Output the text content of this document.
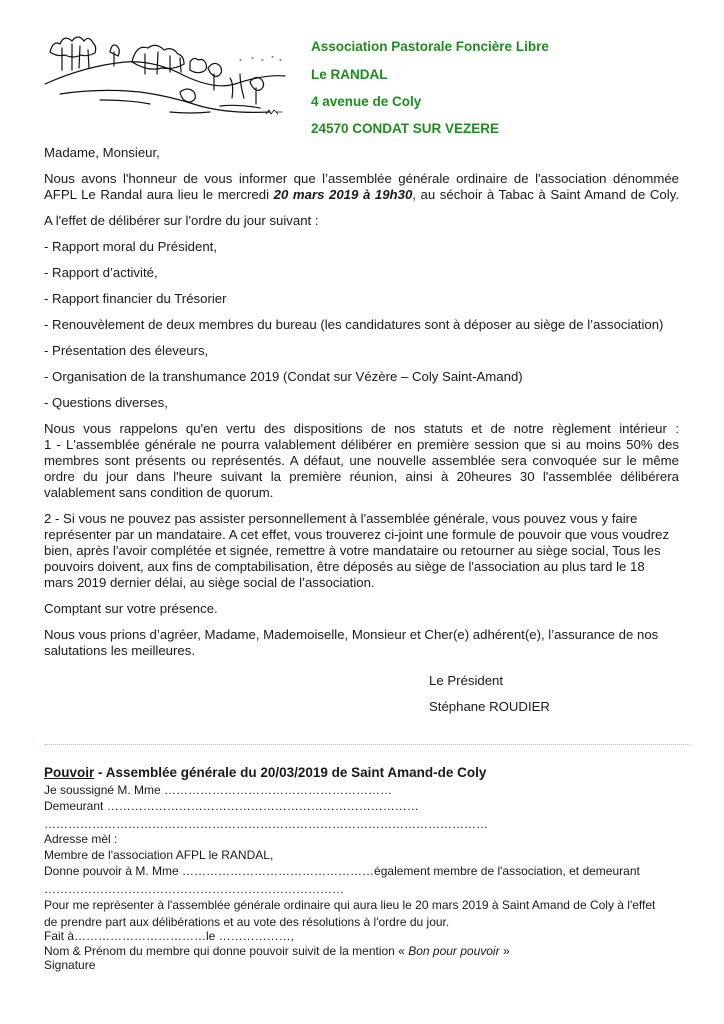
Association Pastorale Foncière Libre
Le RANDAL
4 avenue de Coly
24570 CONDAT SUR VEZERE
Madame, Monsieur,
Nous avons l'honneur de vous informer que l’assemblée générale ordinaire de l'association dénommée
AFPL Le Randal aura lieu le mercredi 20 mars 2019 à 19h30, au séchoir à Tabac à Saint Amand de Coly.
A l'effet de délibérer sur l'ordre du jour suivant :
- Rapport moral du Président,
- Rapport d’activité,
- Rapport financier du Trésorier
- Renouvèlement de deux membres du bureau (les candidatures sont à déposer au siège de l’association)
- Présentation des éleveurs,
- Organisation de la transhumance 2019 (Condat sur Vézère – Coly Saint-Amand)
- Questions diverses,
Nous vous rappelons qu'en vertu des dispositions de nos statuts et de notre règlement intérieur :
1 - L'assemblée générale ne pourra valablement délibérer en première session que si au moins 50% des
membres sont présents ou représentés. A défaut, une nouvelle assemblée sera convoquée sur le même
ordre du jour dans l'heure suivant la première réunion, ainsi à 20heures 30 l'assemblée délibérera
valablement sans condition de quorum.
2 - Si vous ne pouvez pas assister personnellement à l'assemblée générale, vous pouvez vous y faire
représenter par un mandataire. A cet effet, vous trouverez ci-joint une formule de pouvoir que vous voudrez
bien, après l'avoir complétée et signée, remettre à votre mandataire ou retourner au siège social, Tous les
pouvoirs doivent, aux fins de comptabilisation, être déposés au siège de l'association au plus tard le 18
mars 2019 dernier délai, au siège social de l’association.
Comptant sur votre présence.
Nous vous prions d’agréer, Madame, Mademoiselle, Monsieur et Cher(e) adhérent(e), l’assurance de nos
salutations les meilleures.
Le Président
Stéphane ROUDIER
Pouvoir - Assemblée générale du 20/03/2019 de Saint Amand-de Coly
Je soussigné M. Mme …………………………………………………
Demeurant ……………………………………………………………………
…………………………………………………………………………………………………
Adresse mèl :
Membre de l'association AFPL le RANDAL,
Donne pouvoir à M. Mme …………………………………………également membre de l'association, et demeurant
…………………………………………………………………
Pour me représenter à l'assemblée générale ordinaire qui aura lieu le 20 mars 2019 à Saint Amand de Coly à l'effet
de prendre part aux délibérations et au vote des résolutions à l'ordre du jour.
Fait à……………………………le ………………,
Nom & Prénom du membre qui donne pouvoir suivit de la mention « Bon pour pouvoir »
Signature
